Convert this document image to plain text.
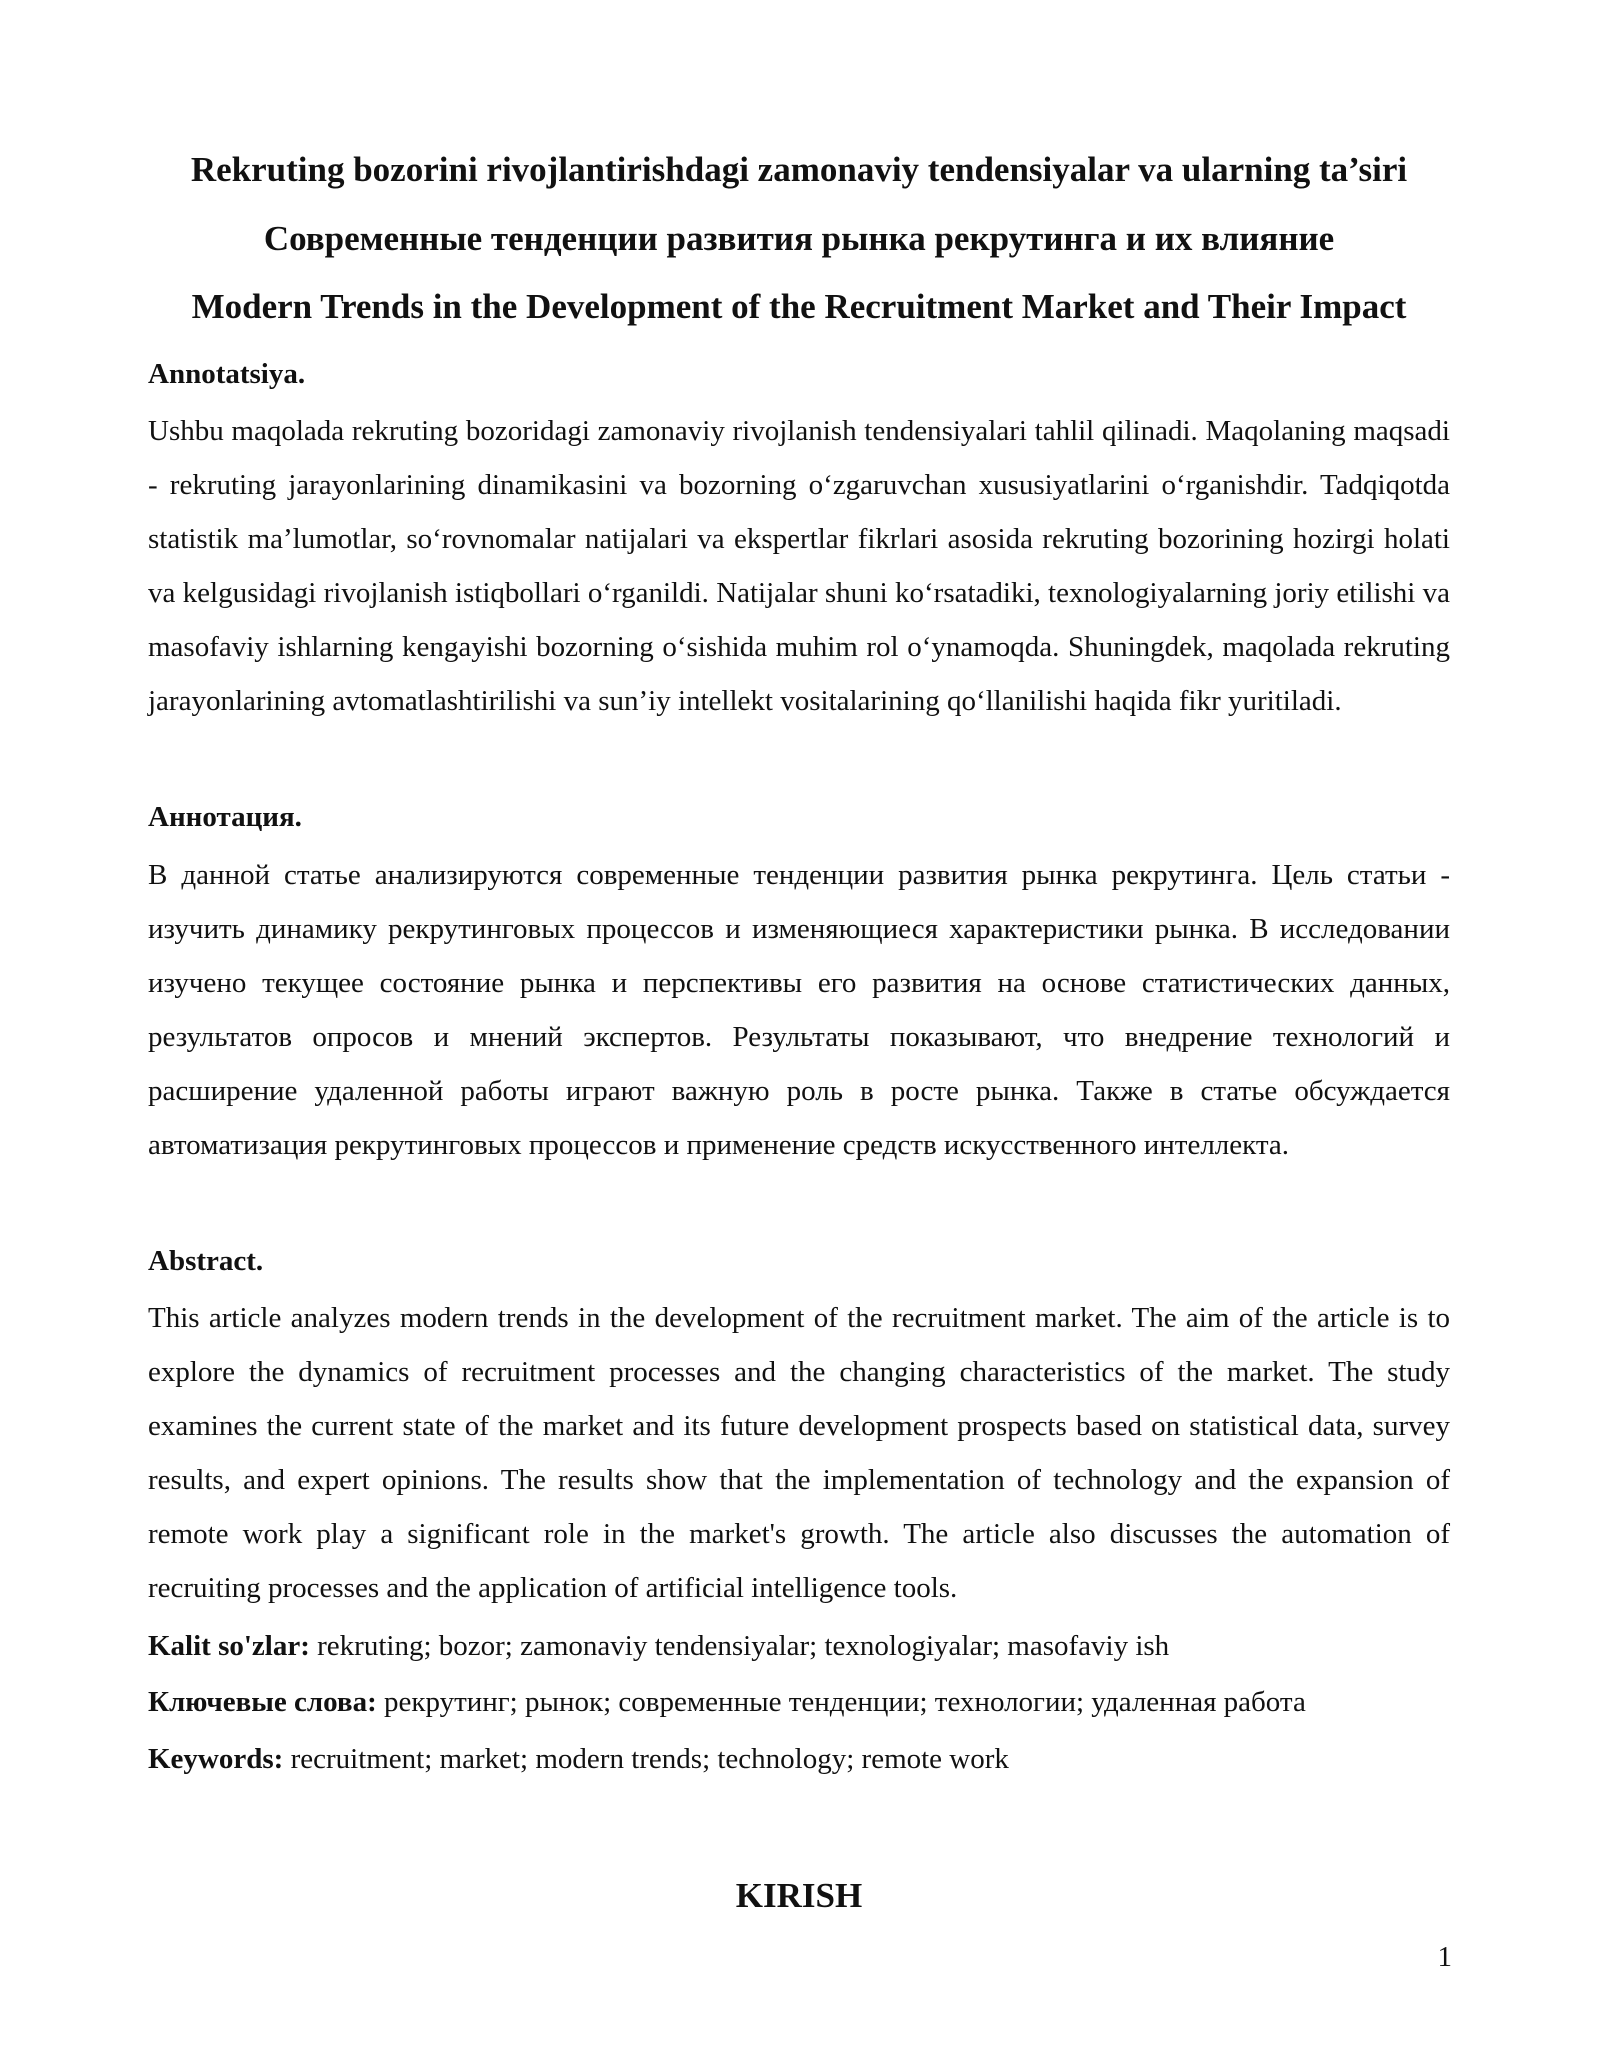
Rekruting bozorini rivojlantirishdagi zamonaviy tendensiyalar va ularning ta’siri
Современные тенденции развития рынка рекрутинга и их влияние
Modern Trends in the Development of the Recruitment Market and Their Impact
Annotatsiya.
Ushbu maqolada rekruting bozoridagi zamonaviy rivojlanish tendensiyalari tahlil qilinadi. Maqolaning maqsadi - rekruting jarayonlarining dinamikasini va bozorning oʻzgaruvchan xususiyatlarini oʻrganishdir. Tadqiqotda statistik maʼlumotlar, soʻrovnomalar natijalari va ekspertlar fikrlari asosida rekruting bozorining hozirgi holati va kelgusidagi rivojlanish istiqbollari oʻrganildi. Natijalar shuni koʻrsatadiki, texnologiyalarning joriy etilishi va masofaviy ishlarning kengayishi bozorning oʻsishida muhim rol oʻynamoqda. Shuningdek, maqolada rekruting jarayonlarining avtomatlashtirilishi va sunʼiy intellekt vositalarining qoʻllanilishi haqida fikr yuritiladi.
Аннотация.
В данной статье анализируются современные тенденции развития рынка рекрутинга. Цель статьи - изучить динамику рекрутинговых процессов и изменяющиеся характеристики рынка. В исследовании изучено текущее состояние рынка и перспективы его развития на основе статистических данных, результатов опросов и мнений экспертов. Результаты показывают, что внедрение технологий и расширение удаленной работы играют важную роль в росте рынка. Также в статье обсуждается автоматизация рекрутинговых процессов и применение средств искусственного интеллекта.
Abstract.
This article analyzes modern trends in the development of the recruitment market. The aim of the article is to explore the dynamics of recruitment processes and the changing characteristics of the market. The study examines the current state of the market and its future development prospects based on statistical data, survey results, and expert opinions. The results show that the implementation of technology and the expansion of remote work play a significant role in the market's growth. The article also discusses the automation of recruiting processes and the application of artificial intelligence tools.
Kalit so'zlar: rekruting; bozor; zamonaviy tendensiyalar; texnologiyalar; masofaviy ish
Ключевые слова: рекрутинг; рынок; современные тенденции; технологии; удаленная работа
Keywords: recruitment; market; modern trends; technology; remote work
KIRISH
1
